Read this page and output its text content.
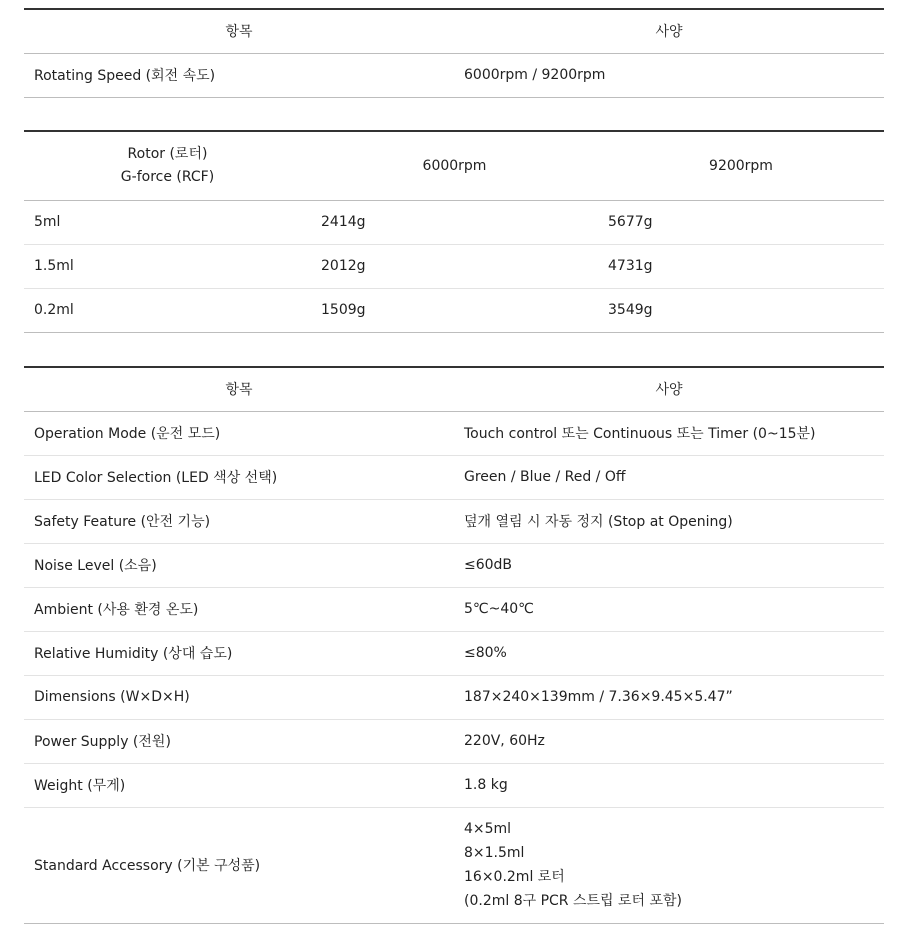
항목	사양
Rotating Speed (회전 속도)	6000rpm / 9200rpm
Rotor (로터)
G-force (RCF)	6000rpm	9200rpm
5ml	2414g	5677g
1.5ml	2012g	4731g
0.2ml	1509g	3549g
항목	사양
Operation Mode (운전 모드)	Touch control 또는 Continuous 또는 Timer (0~15분)
LED Color Selection (LED 색상 선택)	Green / Blue / Red / Off
Safety Feature (안전 기능)	덮개 열림 시 자동 정지 (Stop at Opening)
Noise Level (소음)	≤60dB
Ambient (사용 환경 온도)	5℃~40℃
Relative Humidity (상대 습도)	≤80%
Dimensions (W×D×H)	187×240×139mm / 7.36×9.45×5.47”
Power Supply (전원)	220V, 60Hz
Weight (무게)	1.8 kg
Standard Accessory (기본 구성품)	4×5ml
8×1.5ml
16×0.2ml 로터
(0.2ml 8구 PCR 스트립 로터 포함)
